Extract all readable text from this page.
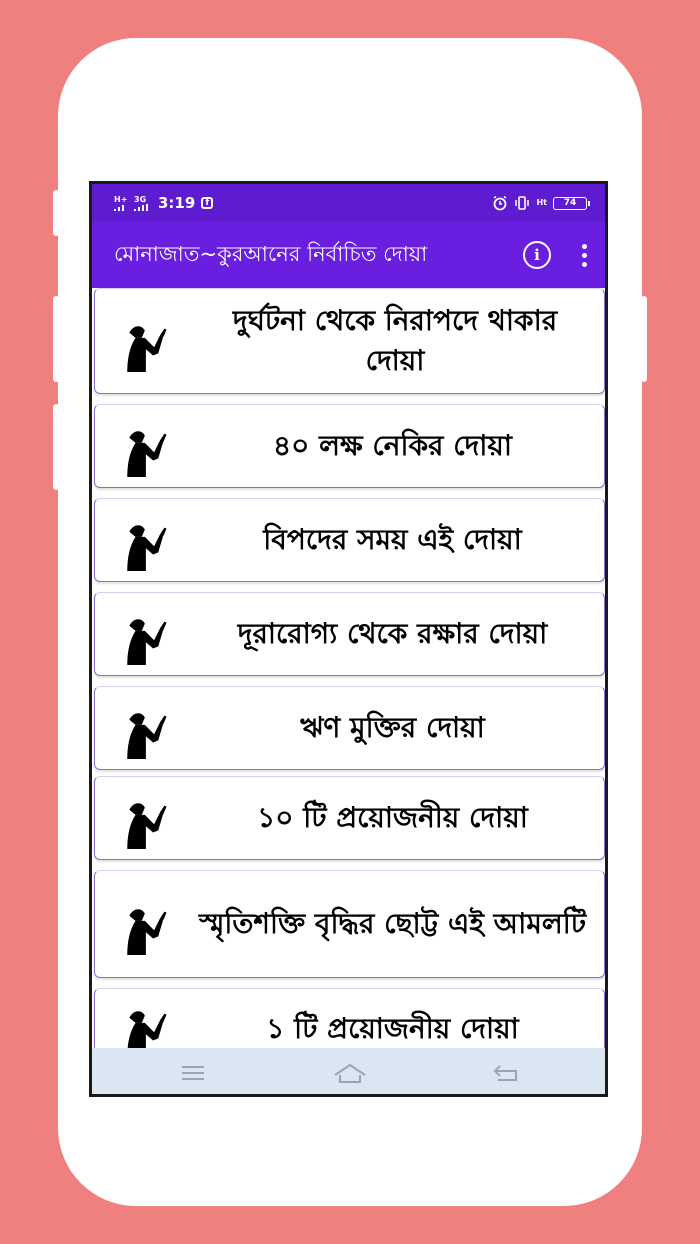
H+ 3G 3:19	f	Ht	74
মোনাজাত~কুরআনের নির্বাচিত দোয়া	i
দুর্ঘটনা থেকে নিরাপদে থাকার দোয়া
৪০ লক্ষ নেকির দোয়া
বিপদের সময় এই দোয়া
দূরারোগ্য থেকে রক্ষার দোয়া
ঋণ মুক্তির দোয়া
১০ টি প্রয়োজনীয় দোয়া
স্মৃতিশক্তি বৃদ্ধির ছোট্ট এই আমলটি
১ টি প্রয়োজনীয় দোয়া
